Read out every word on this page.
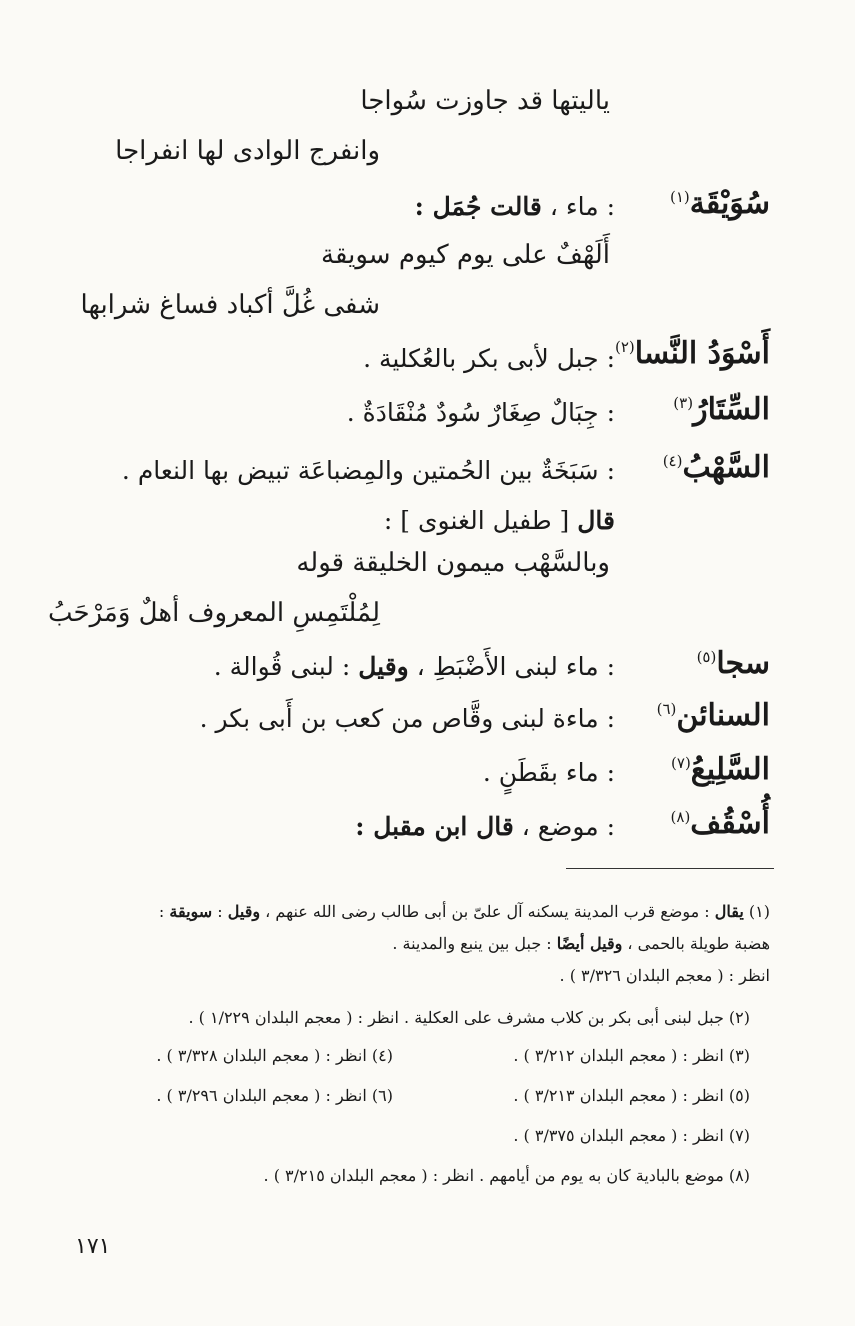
ياليتها قد جاوزت سُواجا
وانفرج الوادى لها انفراجا
سُوَيْقَة$^{(١)}$
: ماء ، قالت جُمَل :
أَلَهْفٌ على يوم كيوم سويقة
شفى غُلَّ أكباد فساغ شرابها
أَسْوَدُ النَّسا$^{(٢)}$
: جبل لأبى بكر بالعُكلية .
السِّتَارُ$^{(٣)}$
: جِبَالٌ صِغَارٌ سُودٌ مُنْقَادَةٌ .
السَّهْبُ$^{(٤)}$
: سَبَخَةٌ بين الحُمتين والمِضباعَة تبيض بها النعام .
قال [ طفيل الغنوى ] :
وبالسَّهْب ميمون الخليقة قوله
لِمُلْتَمِسِ المعروف أهلٌ وَمَرْحَبُ
سجا$^{(٥)}$
: ماء لبنى الأَضْبَطِ ، وقيل : لبنى قُوالة .
السنائن$^{(٦)}$
: ماءة لبنى وقَّاص من كعب بن أَبى بكر .
السَّلِيعُ$^{(٧)}$
: ماء بقَطَنٍ .
أُسْقُف$^{(٨)}$
: موضع ، قال ابن مقبل :
(١) يقال : موضع قرب المدينة يسكنه آل علىّ بن أبى طالب رضى الله عنهم ، وقيل : سويقة :
هضبة طويلة بالحمى ، وقيل أيضًا : جبل بين ينبع والمدينة .
انظر : ( معجم البلدان ٣/٣٢٦ ) .
(٢) جبل لبنى أبى بكر بن كلاب مشرف على العكلية . انظر : ( معجم البلدان ١/٢٢٩ ) .
(٣) انظر : ( معجم البلدان ٣/٢١٢ ) .
(٤) انظر : ( معجم البلدان ٣/٣٢٨ ) .
(٥) انظر : ( معجم البلدان ٣/٢١٣ ) .
(٦) انظر : ( معجم البلدان ٣/٢٩٦ ) .
(٧) انظر : ( معجم البلدان ٣/٣٧٥ ) .
(٨) موضع بالبادية كان به يوم من أيامهم . انظر : ( معجم البلدان ٣/٢١٥ ) .
١٧١
